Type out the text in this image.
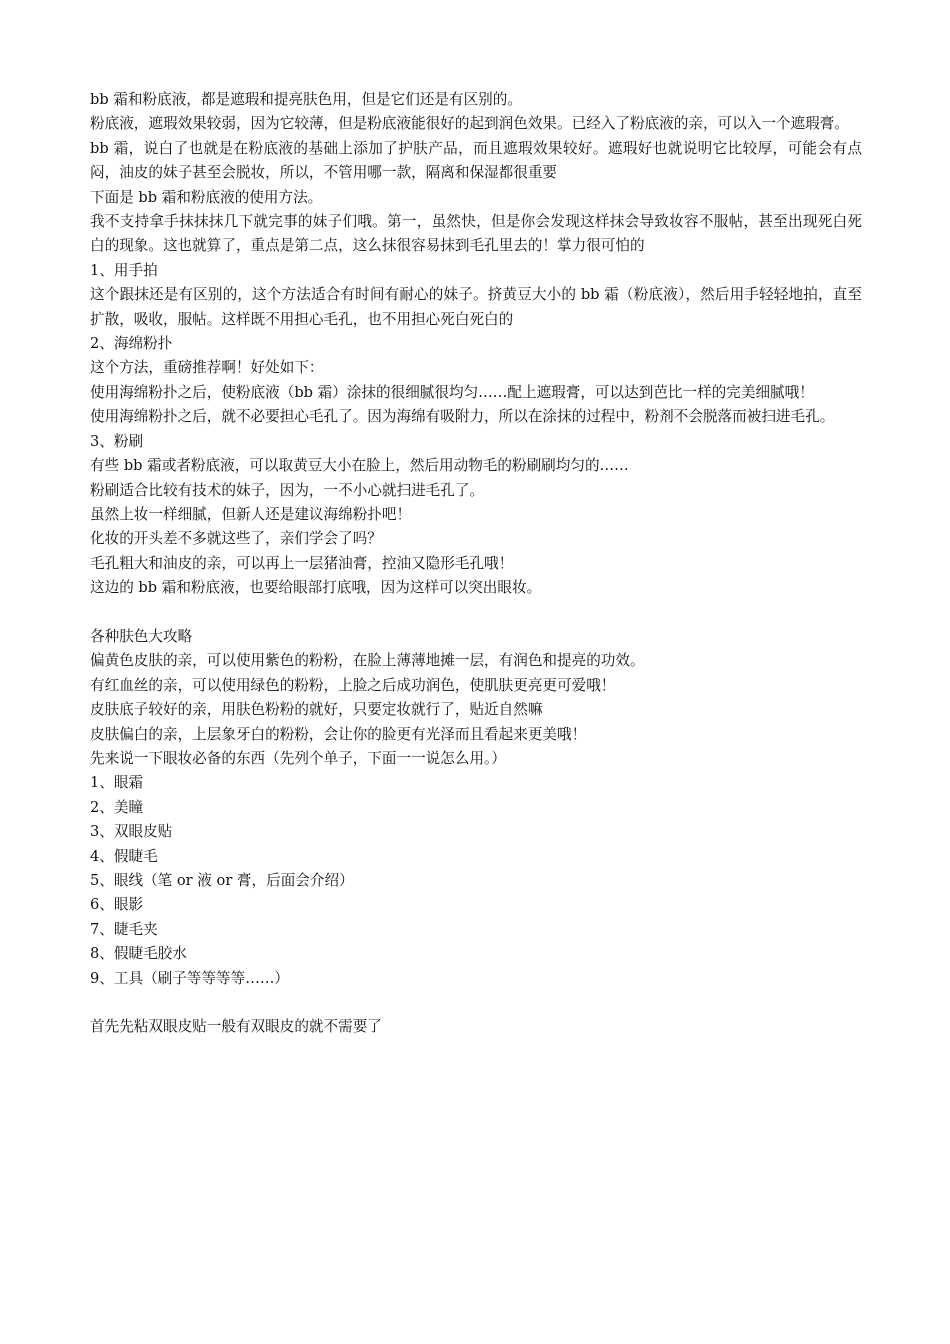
bb 霜和粉底液，都是遮瑕和提亮肤色用，但是它们还是有区别的。

粉底液，遮瑕效果较弱，因为它较薄，但是粉底液能很好的起到润色效果。已经入了粉底液的亲，可以入一个遮瑕膏。

bb 霜，说白了也就是在粉底液的基础上添加了护肤产品，而且遮瑕效果较好。遮瑕好也就说明它比较厚，可能会有点闷，油皮的妹子甚至会脱妆，所以，不管用哪一款，隔离和保湿都很重要

下面是 bb 霜和粉底液的使用方法。

我不支持拿手抹抹抹几下就完事的妹子们哦。第一，虽然快，但是你会发现这样抹会导致妆容不服帖，甚至出现死白死白的现象。这也就算了，重点是第二点，这么抹很容易抹到毛孔里去的！掌力很可怕的

1、用手拍

这个跟抹还是有区别的，这个方法适合有时间有耐心的妹子。挤黄豆大小的 bb 霜（粉底液），然后用手轻轻地拍，直至扩散，吸收，服帖。这样既不用担心毛孔，也不用担心死白死白的

2、海绵粉扑

这个方法，重磅推荐啊！好处如下：

使用海绵粉扑之后，使粉底液（bb 霜）涂抹的很细腻很均匀……配上遮瑕膏，可以达到芭比一样的完美细腻哦！

使用海绵粉扑之后，就不必要担心毛孔了。因为海绵有吸附力，所以在涂抹的过程中，粉剂不会脱落而被扫进毛孔。

3、粉刷

有些 bb 霜或者粉底液，可以取黄豆大小在脸上，然后用动物毛的粉刷刷均匀的……

粉刷适合比较有技术的妹子，因为，一不小心就扫进毛孔了。

虽然上妆一样细腻，但新人还是建议海绵粉扑吧！

化妆的开头差不多就这些了，亲们学会了吗？

毛孔粗大和油皮的亲，可以再上一层猪油膏，控油又隐形毛孔哦！

这边的 bb 霜和粉底液，也要给眼部打底哦，因为这样可以突出眼妆。

各种肤色大攻略

偏黄色皮肤的亲，可以使用紫色的粉粉，在脸上薄薄地摊一层，有润色和提亮的功效。

有红血丝的亲，可以使用绿色的粉粉，上脸之后成功润色，使肌肤更亮更可爱哦！

皮肤底子较好的亲，用肤色粉粉的就好，只要定妆就行了，贴近自然嘛

皮肤偏白的亲，上层象牙白的粉粉，会让你的脸更有光泽而且看起来更美哦！

先来说一下眼妆必备的东西（先列个单子，下面一一说怎么用。）

1、眼霜

2、美瞳

3、双眼皮贴

4、假睫毛

5、眼线（笔 or 液 or 膏，后面会介绍）

6、眼影

7、睫毛夹

8、假睫毛胶水

9、工具（刷子等等等等……）

首先先粘双眼皮贴一般有双眼皮的就不需要了
